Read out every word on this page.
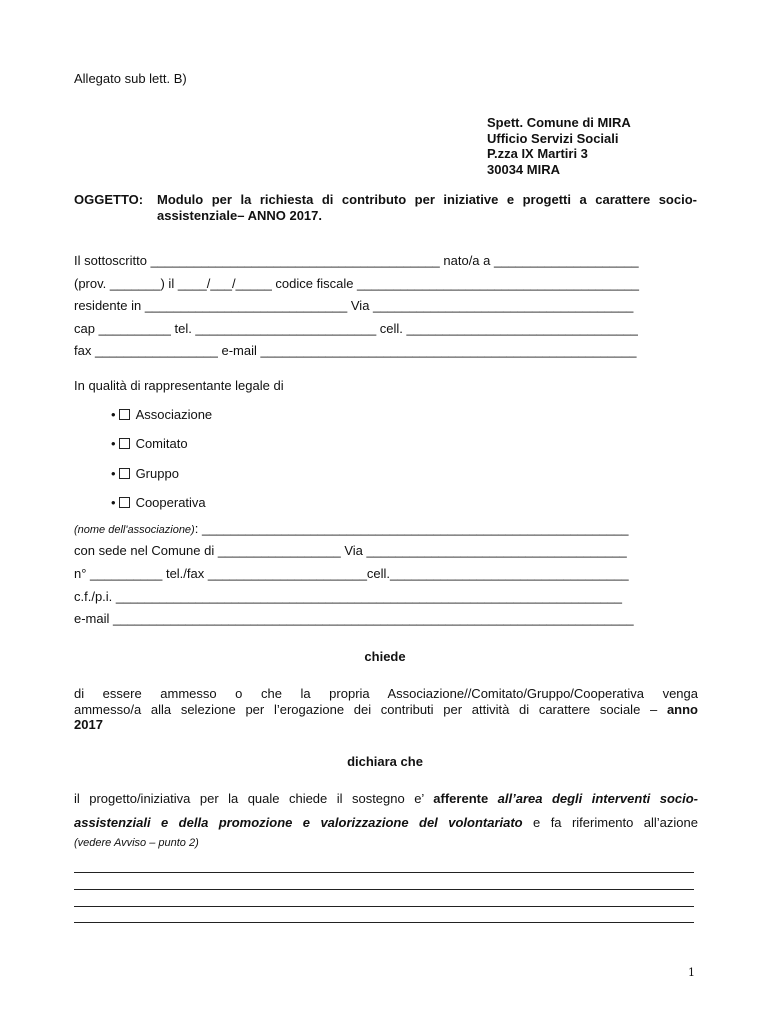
Allegato sub lett. B)
Spett. Comune di MIRA
Ufficio Servizi Sociali
P.zza IX Martiri 3
30034 MIRA
OGGETTO: Modulo per la richiesta di contributo per iniziative e progetti a carattere socio-
assistenziale– ANNO 2017.
Il sottoscritto ________________________________________ nato/a a ____________________
(prov. _______) il ____/___/_____ codice fiscale _______________________________________
residente in ____________________________ Via ____________________________________
cap __________ tel. _________________________ cell. ________________________________
fax _________________ e-mail ____________________________________________________
In qualità di rappresentante legale di
• Associazione
• Comitato
• Gruppo
• Cooperativa
(nome dell'associazione): ___________________________________________________________
con sede nel Comune di _________________ Via ____________________________________
n° __________ tel./fax ______________________cell._________________________________
c.f./p.i. ______________________________________________________________________
e-mail ________________________________________________________________________
chiede
di essere ammesso o che la propria Associazione//Comitato/Gruppo/Cooperativa venga
ammesso/a alla selezione per l’erogazione dei contributi per attività di carattere sociale – anno
2017
dichiara che
il progetto/iniziativa per la quale chiede il sostegno e’ afferente all’area degli interventi socio-
assistenziali e della promozione e valorizzazione del volontariato e fa riferimento all’azione
(vedere Avviso – punto 2)
1
